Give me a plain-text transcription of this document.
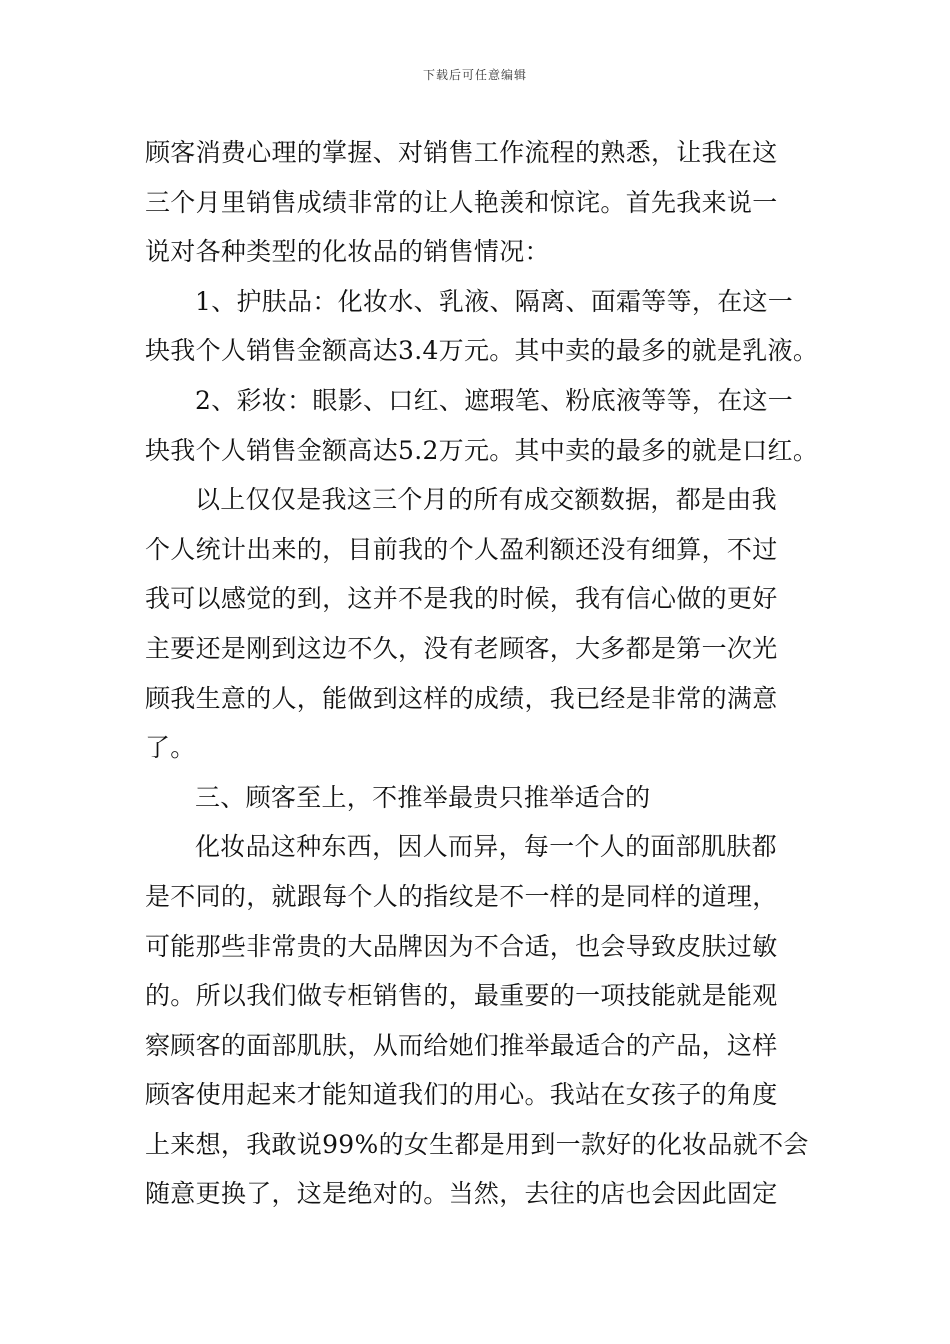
下载后可任意编辑
顾客消费心理的掌握、对销售工作流程的熟悉，让我在这
三个月里销售成绩非常的让人艳羡和惊诧。首先我来说一
说对各种类型的化妆品的销售情况：
1、护肤品：化妆水、乳液、隔离、面霜等等，在这一
块我个人销售金额高达3.4万元。其中卖的最多的就是乳液。
2、彩妆：眼影、口红、遮瑕笔、粉底液等等，在这一
块我个人销售金额高达5.2万元。其中卖的最多的就是口红。
以上仅仅是我这三个月的所有成交额数据，都是由我
个人统计出来的，目前我的个人盈利额还没有细算，不过
我可以感觉的到，这并不是我的时候，我有信心做的更好
主要还是刚到这边不久，没有老顾客，大多都是第一次光
顾我生意的人，能做到这样的成绩，我已经是非常的满意
了。
三、顾客至上，不推举最贵只推举适合的
化妆品这种东西，因人而异，每一个人的面部肌肤都
是不同的，就跟每个人的指纹是不一样的是同样的道理，
可能那些非常贵的大品牌因为不合适，也会导致皮肤过敏
的。所以我们做专柜销售的，最重要的一项技能就是能观
察顾客的面部肌肤，从而给她们推举最适合的产品，这样
顾客使用起来才能知道我们的用心。我站在女孩子的角度
上来想，我敢说99%的女生都是用到一款好的化妆品就不会
随意更换了，这是绝对的。当然，去往的店也会因此固定
